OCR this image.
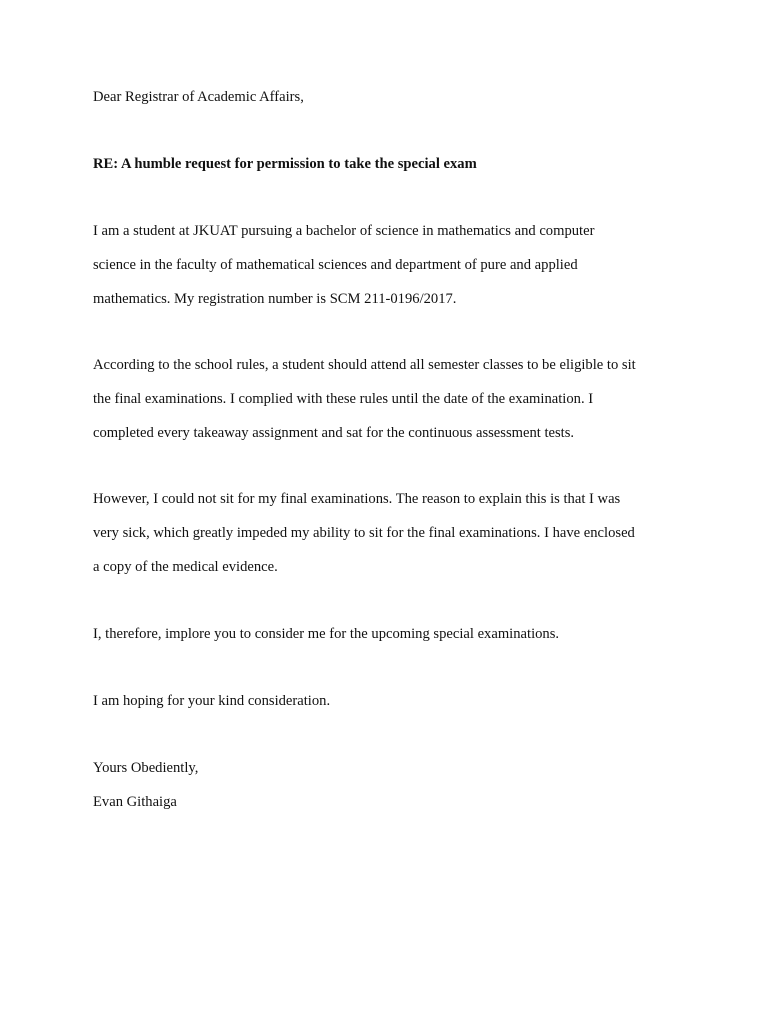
Dear Registrar of Academic Affairs,

RE: A humble request for permission to take the special exam

I am a student at JKUAT pursuing a bachelor of science in mathematics and computer

science in the faculty of mathematical sciences and department of pure and applied

mathematics. My registration number is SCM 211-0196/2017.

According to the school rules, a student should attend all semester classes to be eligible to sit

the final examinations. I complied with these rules until the date of the examination. I

completed every takeaway assignment and sat for the continuous assessment tests.

However, I could not sit for my final examinations. The reason to explain this is that I was

very sick, which greatly impeded my ability to sit for the final examinations. I have enclosed

a copy of the medical evidence.

I, therefore, implore you to consider me for the upcoming special examinations.

I am hoping for your kind consideration.

Yours Obediently,

Evan Githaiga
